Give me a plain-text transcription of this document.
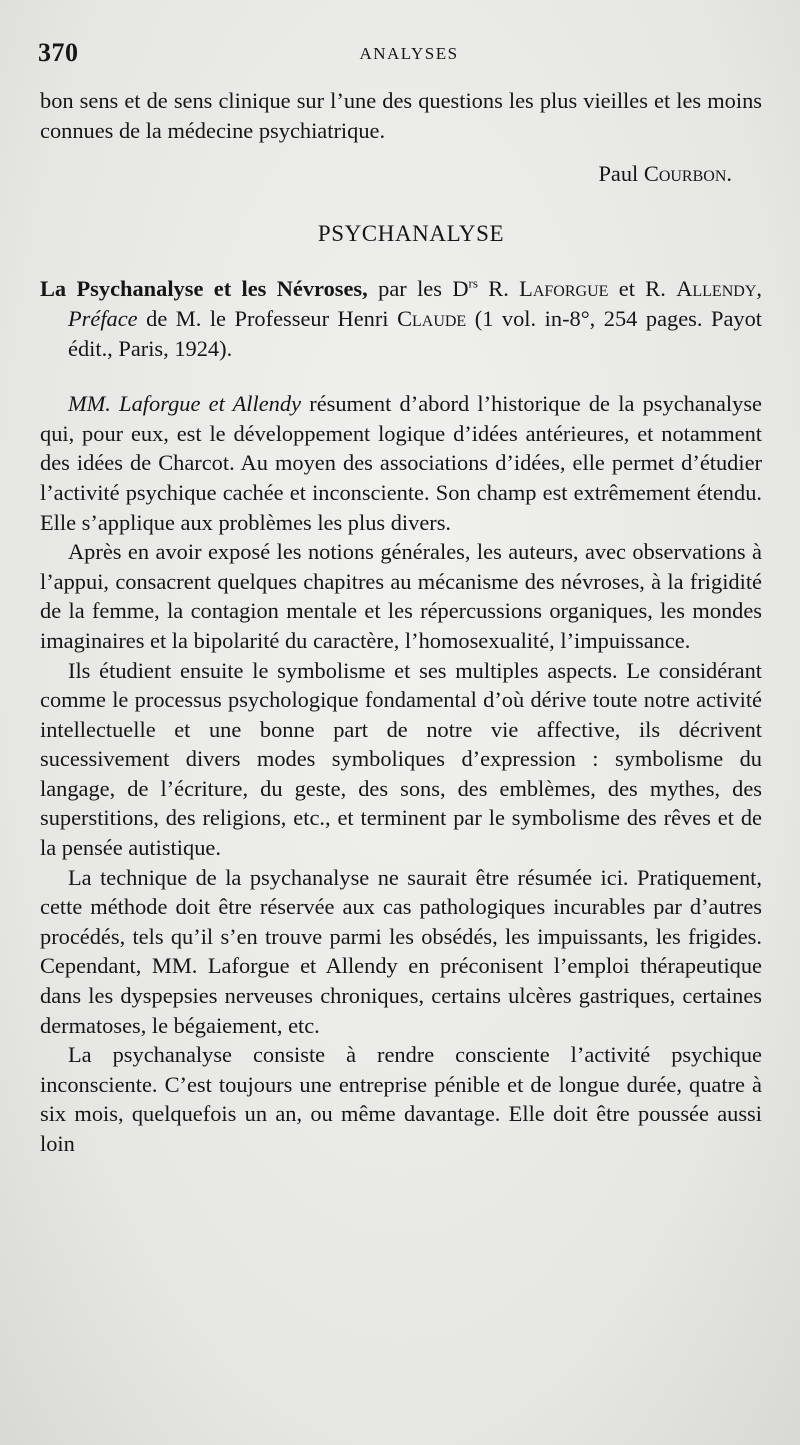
370	ANALYSES

bon sens et de sens clinique sur l’une des questions les plus vieilles et les moins connues de la médecine psychiatrique.

Paul Courbon.
PSYCHANALYSE

La Psychanalyse et les Névroses, par les $D^{rs}$ R. Laforgue et R. Allendy, Préface de M. le Professeur Henri Claude (1 vol. in-8°, 254 pages. Payot édit., Paris, 1924).

MM. Laforgue et Allendy résument d’abord l’historique de la psychanalyse qui, pour eux, est le développement logique d’idées antérieures, et notamment des idées de Charcot. Au moyen des associations d’idées, elle permet d’étudier l’activité psychique cachée et inconsciente. Son champ est extrêmement étendu. Elle s’applique aux problèmes les plus divers.

Après en avoir exposé les notions générales, les auteurs, avec observations à l’appui, consacrent quelques chapitres au mécanisme des névroses, à la frigidité de la femme, la contagion mentale et les répercussions organiques, les mondes imaginaires et la bipolarité du caractère, l’homosexualité, l’impuissance.

Ils étudient ensuite le symbolisme et ses multiples aspects. Le considérant comme le processus psychologique fondamental d’où dérive toute notre activité intellectuelle et une bonne part de notre vie affective, ils décrivent sucessivement divers modes symboliques d’expression : symbolisme du langage, de l’écriture, du geste, des sons, des emblèmes, des mythes, des superstitions, des religions, etc., et terminent par le symbolisme des rêves et de la pensée autistique.

La technique de la psychanalyse ne saurait être résumée ici. Pratiquement, cette méthode doit être réservée aux cas pathologiques incurables par d’autres procédés, tels qu’il s’en trouve parmi les obsédés, les impuissants, les frigides. Cependant, MM. Laforgue et Allendy en préconisent l’emploi thérapeutique dans les dyspepsies nerveuses chroniques, certains ulcères gastriques, certaines dermatoses, le bégaiement, etc.

La psychanalyse consiste à rendre consciente l’activité psychique inconsciente. C’est toujours une entreprise pénible et de longue durée, quatre à six mois, quelquefois un an, ou même davantage. Elle doit être poussée aussi loin
